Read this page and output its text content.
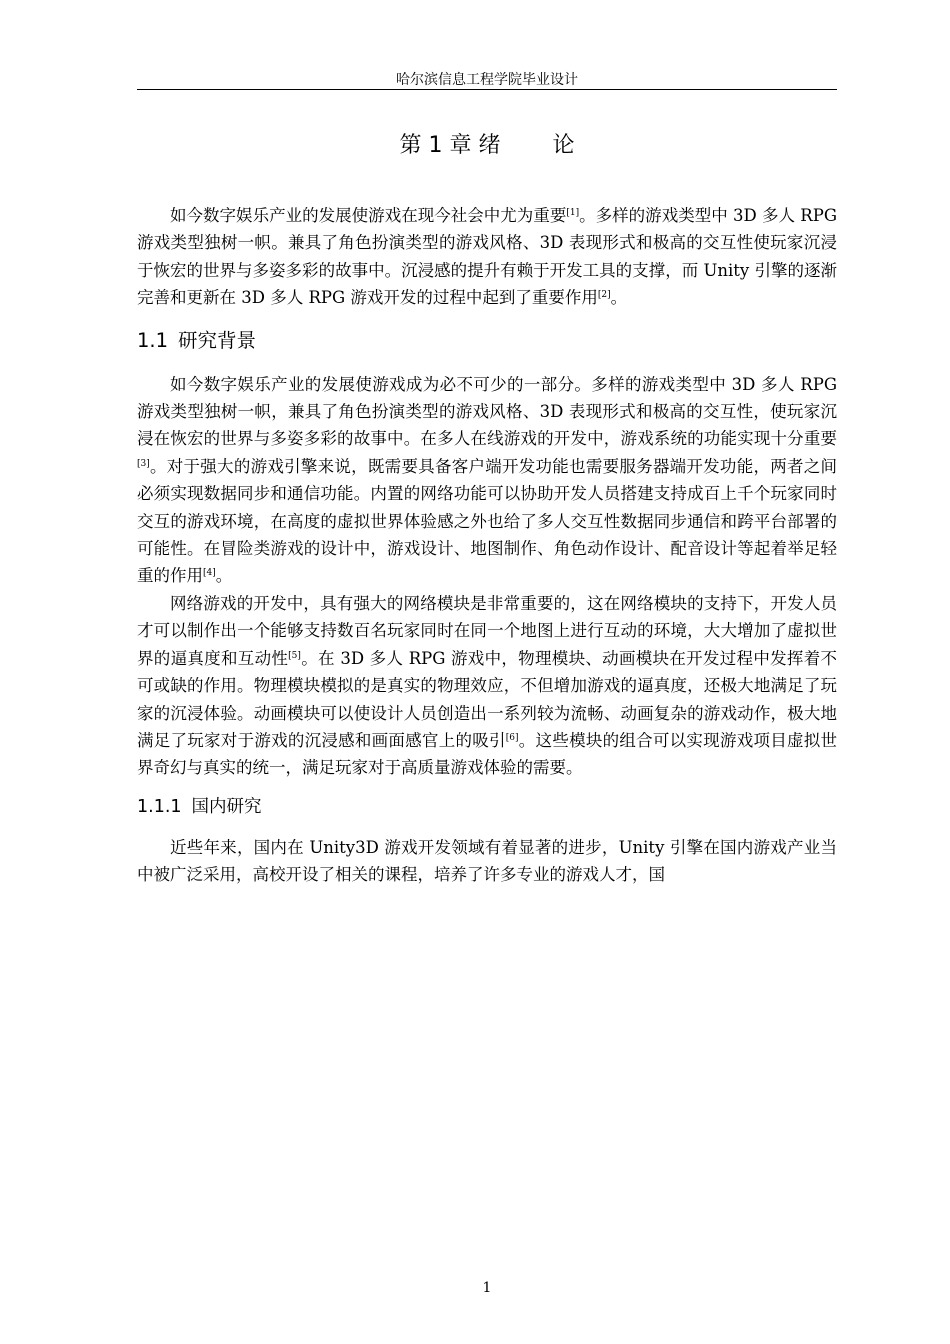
哈尔滨信息工程学院毕业设计
第 1 章 绪 论

如今数字娱乐产业的发展使游戏在现今社会中尤为重要[1]。多样的游戏类型中 3D 多人 RPG 游戏类型独树一帜。兼具了角色扮演类型的游戏风格、3D 表现形式和极高的交互性使玩家沉浸于恢宏的世界与多姿多彩的故事中。沉浸感的提升有赖于开发工具的支撑，而 Unity 引擎的逐渐完善和更新在 3D 多人 RPG 游戏开发的过程中起到了重要作用[2]。

1.1 研究背景

如今数字娱乐产业的发展使游戏成为必不可少的一部分。多样的游戏类型中 3D 多人 RPG 游戏类型独树一帜，兼具了角色扮演类型的游戏风格、3D 表现形式和极高的交互性，使玩家沉浸在恢宏的世界与多姿多彩的故事中。在多人在线游戏的开发中，游戏系统的功能实现十分重要[3]。对于强大的游戏引擎来说，既需要具备客户端开发功能也需要服务器端开发功能，两者之间必须实现数据同步和通信功能。内置的网络功能可以协助开发人员搭建支持成百上千个玩家同时交互的游戏环境，在高度的虚拟世界体验感之外也给了多人交互性数据同步通信和跨平台部署的可能性。在冒险类游戏的设计中，游戏设计、地图制作、角色动作设计、配音设计等起着举足轻重的作用[4]。

网络游戏的开发中，具有强大的网络模块是非常重要的，这在网络模块的支持下，开发人员才可以制作出一个能够支持数百名玩家同时在同一个地图上进行互动的环境，大大增加了虚拟世界的逼真度和互动性[5]。在 3D 多人 RPG 游戏中，物理模块、动画模块在开发过程中发挥着不可或缺的作用。物理模块模拟的是真实的物理效应，不但增加游戏的逼真度，还极大地满足了玩家的沉浸体验。动画模块可以使设计人员创造出一系列较为流畅、动画复杂的游戏动作，极大地满足了玩家对于游戏的沉浸感和画面感官上的吸引[6]。这些模块的组合可以实现游戏项目虚拟世界奇幻与真实的统一，满足玩家对于高质量游戏体验的需要。

1.1.1 国内研究

近些年来，国内在 Unity3D 游戏开发领域有着显著的进步，Unity 引擎在国内游戏产业当中被广泛采用，高校开设了相关的课程，培养了许多专业的游戏人才，国

1
